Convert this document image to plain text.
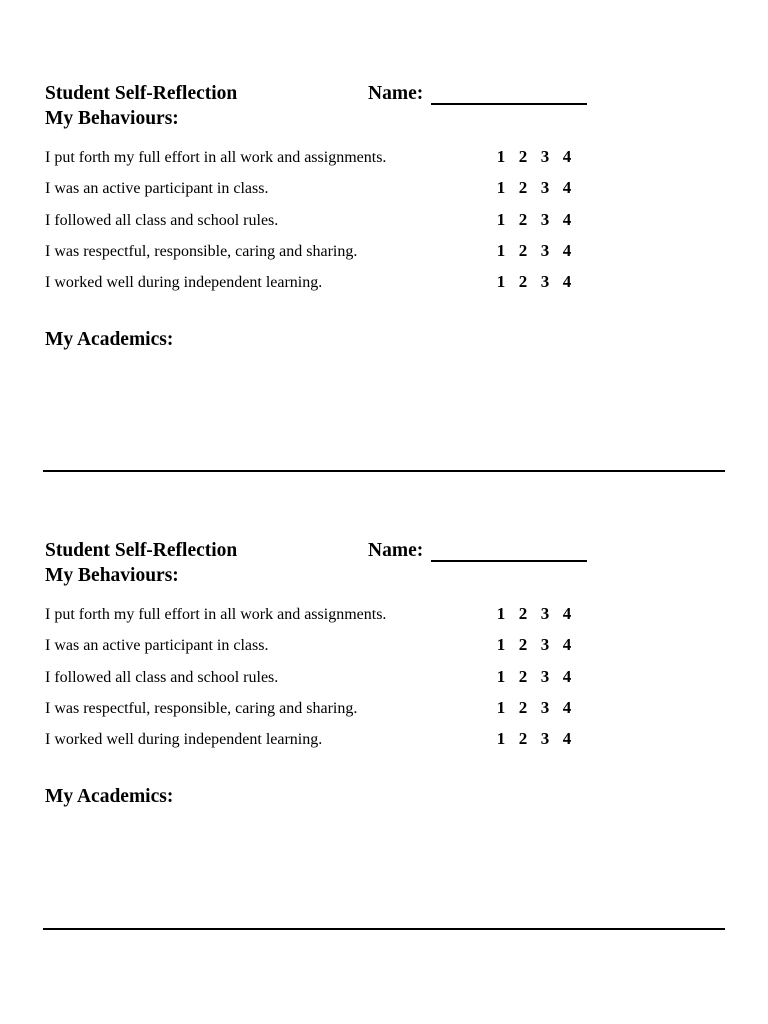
Student Self-Reflection	Name:
My Behaviours:
I put forth my full effort in all work and assignments.	1 2 3 4
I was an active participant in class.	1 2 3 4
I followed all class and school rules.	1 2 3 4
I was respectful, responsible, caring and sharing.	1 2 3 4
I worked well during independent learning.	1 2 3 4
My Academics:
Student Self-Reflection	Name:
My Behaviours:
I put forth my full effort in all work and assignments.	1 2 3 4
I was an active participant in class.	1 2 3 4
I followed all class and school rules.	1 2 3 4
I was respectful, responsible, caring and sharing.	1 2 3 4
I worked well during independent learning.	1 2 3 4
My Academics:
